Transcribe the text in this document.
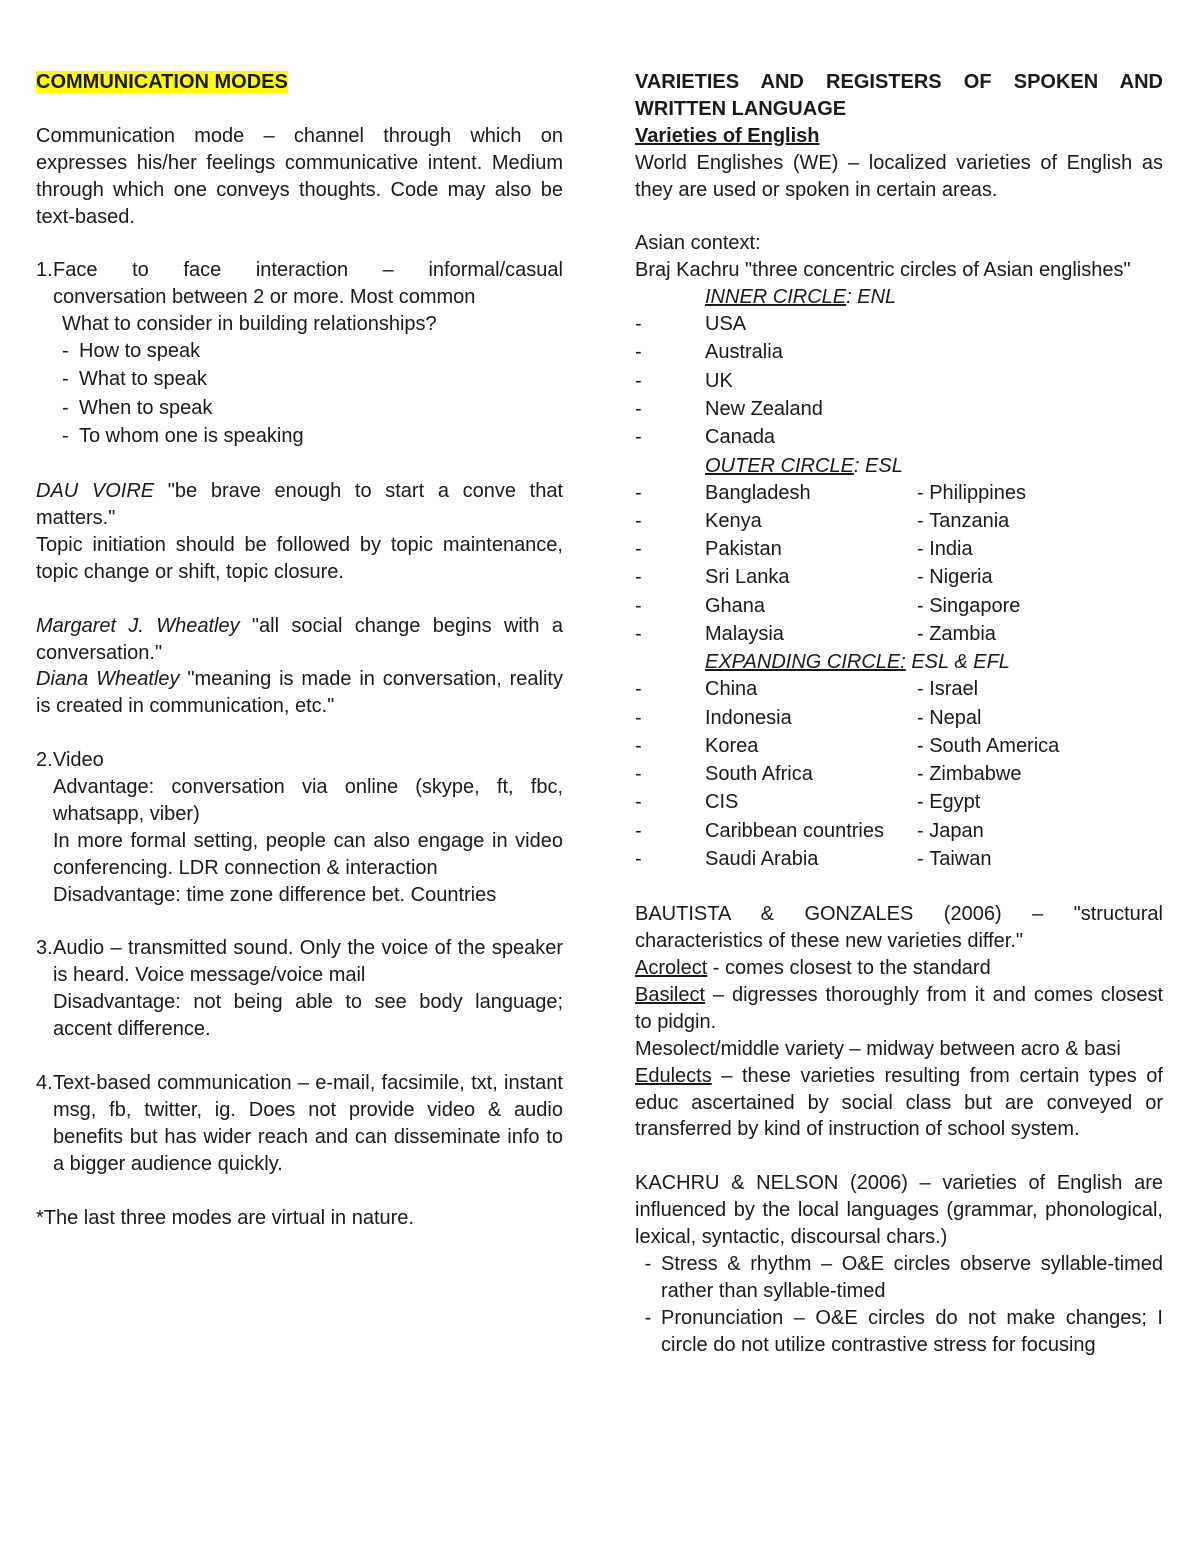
COMMUNICATION MODES

Communication mode – channel through which on expresses his/her feelings communicative intent. Medium through which one conveys thoughts. Code may also be text-based.

1. Face to face interaction – informal/casual

conversation between 2 or more. Most common

What to consider in building relationships?

- How to speak
- What to speak
- When to speak
- To whom one is speaking

DAU VOIRE "be brave enough to start a conve that matters."

Topic initiation should be followed by topic maintenance, topic change or shift, topic closure.

Margaret J. Wheatley "all social change begins with a conversation."

Diana Wheatley "meaning is made in conversation, reality is created in communication, etc."

2. Video

Advantage: conversation via online (skype, ft, fbc, whatsapp, viber)

In more formal setting, people can also engage in video conferencing. LDR connection & interaction

Disadvantage: time zone difference bet. Countries

3. Audio – transmitted sound. Only the voice of the speaker is heard. Voice message/voice mail

Disadvantage: not being able to see body language; accent difference.

4. Text-based communication – e-mail, facsimile, txt, instant msg, fb, twitter, ig. Does not provide video & audio benefits but has wider reach and can disseminate info to a bigger audience quickly.

*The last three modes are virtual in nature.

VARIETIES AND REGISTERS OF SPOKEN AND

WRITTEN LANGUAGE

Varieties of English

World Englishes (WE) – localized varieties of English as they are used or spoken in certain areas.

Asian context:

Braj Kachru "three concentric circles of Asian englishes"

INNER CIRCLE: ENL

-	USA
-	Australia
-	UK
-	New Zealand
-	Canada

OUTER CIRCLE: ESL

-	Bangladesh	- Philippines
-	Kenya	- Tanzania
-	Pakistan	- India
-	Sri Lanka	- Nigeria
-	Ghana	- Singapore
-	Malaysia	- Zambia

EXPANDING CIRCLE: ESL & EFL

-	China	- Israel
-	Indonesia	- Nepal
-	Korea	- South America
-	South Africa	- Zimbabwe
-	CIS	- Egypt
-	Caribbean countries	- Japan
-	Saudi Arabia	- Taiwan

BAUTISTA & GONZALES (2006) – "structural characteristics of these new varieties differ."

Acrolect - comes closest to the standard

Basilect – digresses thoroughly from it and comes closest to pidgin.

Mesolect/middle variety – midway between acro & basi

Edulects – these varieties resulting from certain types of educ ascertained by social class but are conveyed or transferred by kind of instruction of school system.

KACHRU & NELSON (2006) – varieties of English are influenced by the local languages (grammar, phonological, lexical, syntactic, discoursal chars.)

- Stress & rhythm – O&E circles observe syllable-timed rather than syllable-timed
- Pronunciation – O&E circles do not make changes; I circle do not utilize contrastive stress for focusing
